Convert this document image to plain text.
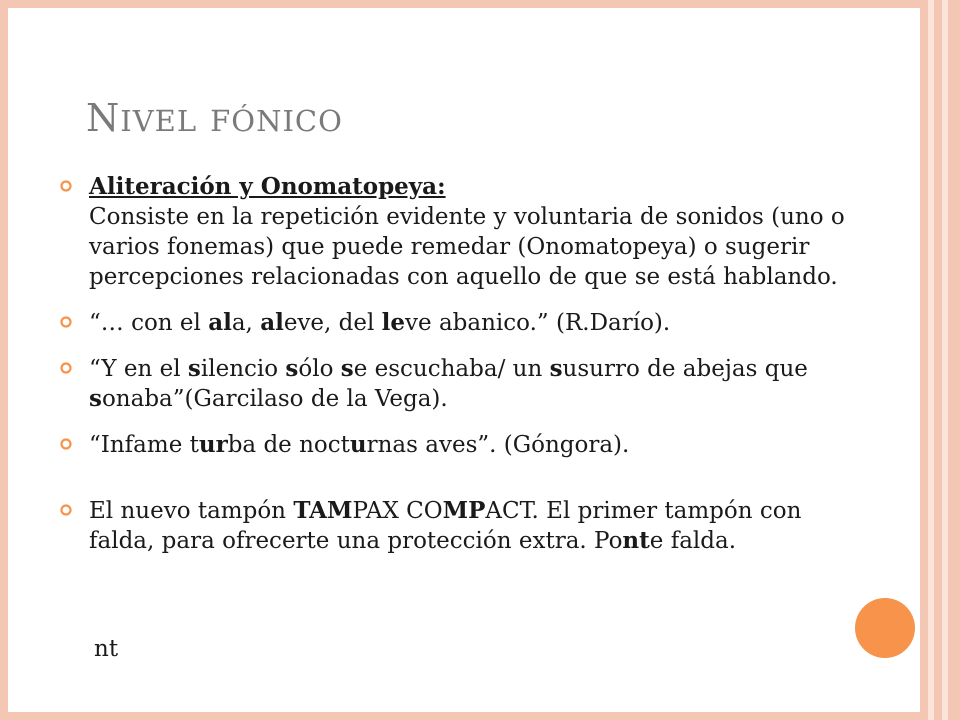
NIVEL FÓNICO
Aliteración y Onomatopeya:
Consiste en la repetición evidente y voluntaria de sonidos (uno o varios fonemas) que puede remedar (Onomatopeya) o sugerir percepciones relacionadas con aquello de que se está hablando.
“… con el ala, aleve, del leve abanico.” (R.Darío).
“Y en el silencio sólo se escuchaba/ un susurro de abejas que sonaba”(Garcilaso de la Vega).
“Infame turba de nocturnas aves”. (Góngora).
El nuevo tampón TAMPAX COMPACT. El primer tampón con falda, para ofrecerte una protección extra. Ponte falda.
nt
